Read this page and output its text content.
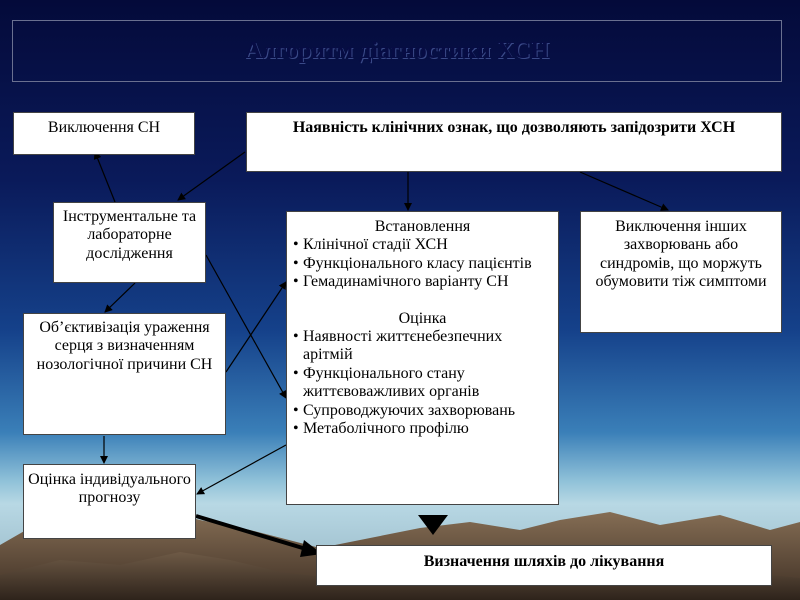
Алгоритм діагностики ХСН
Виключення СН	Наявність клінічних ознак, що дозволяють запідозрити ХСН
Інструментальне та лабораторне дослідження
Встановлення
• Клінічної стадії ХСН
• Функціонального класу пацієнтів
• Гемадинамічного варіанту СН
Оцінка
• Наявності життєнебезпечних арітмій
• Функціонального стану життєвоважливих органів
• Супроводжуючих захворювань
• Метаболічного профілю
Виключення інших захворювань або синдромів, що моржуть обумовити тіж симптоми
Об’єктивізація ураження серця з визначенням нозологічної причини СН
Оцінка індивідуального прогнозу
Визначення шляхів до лікування
